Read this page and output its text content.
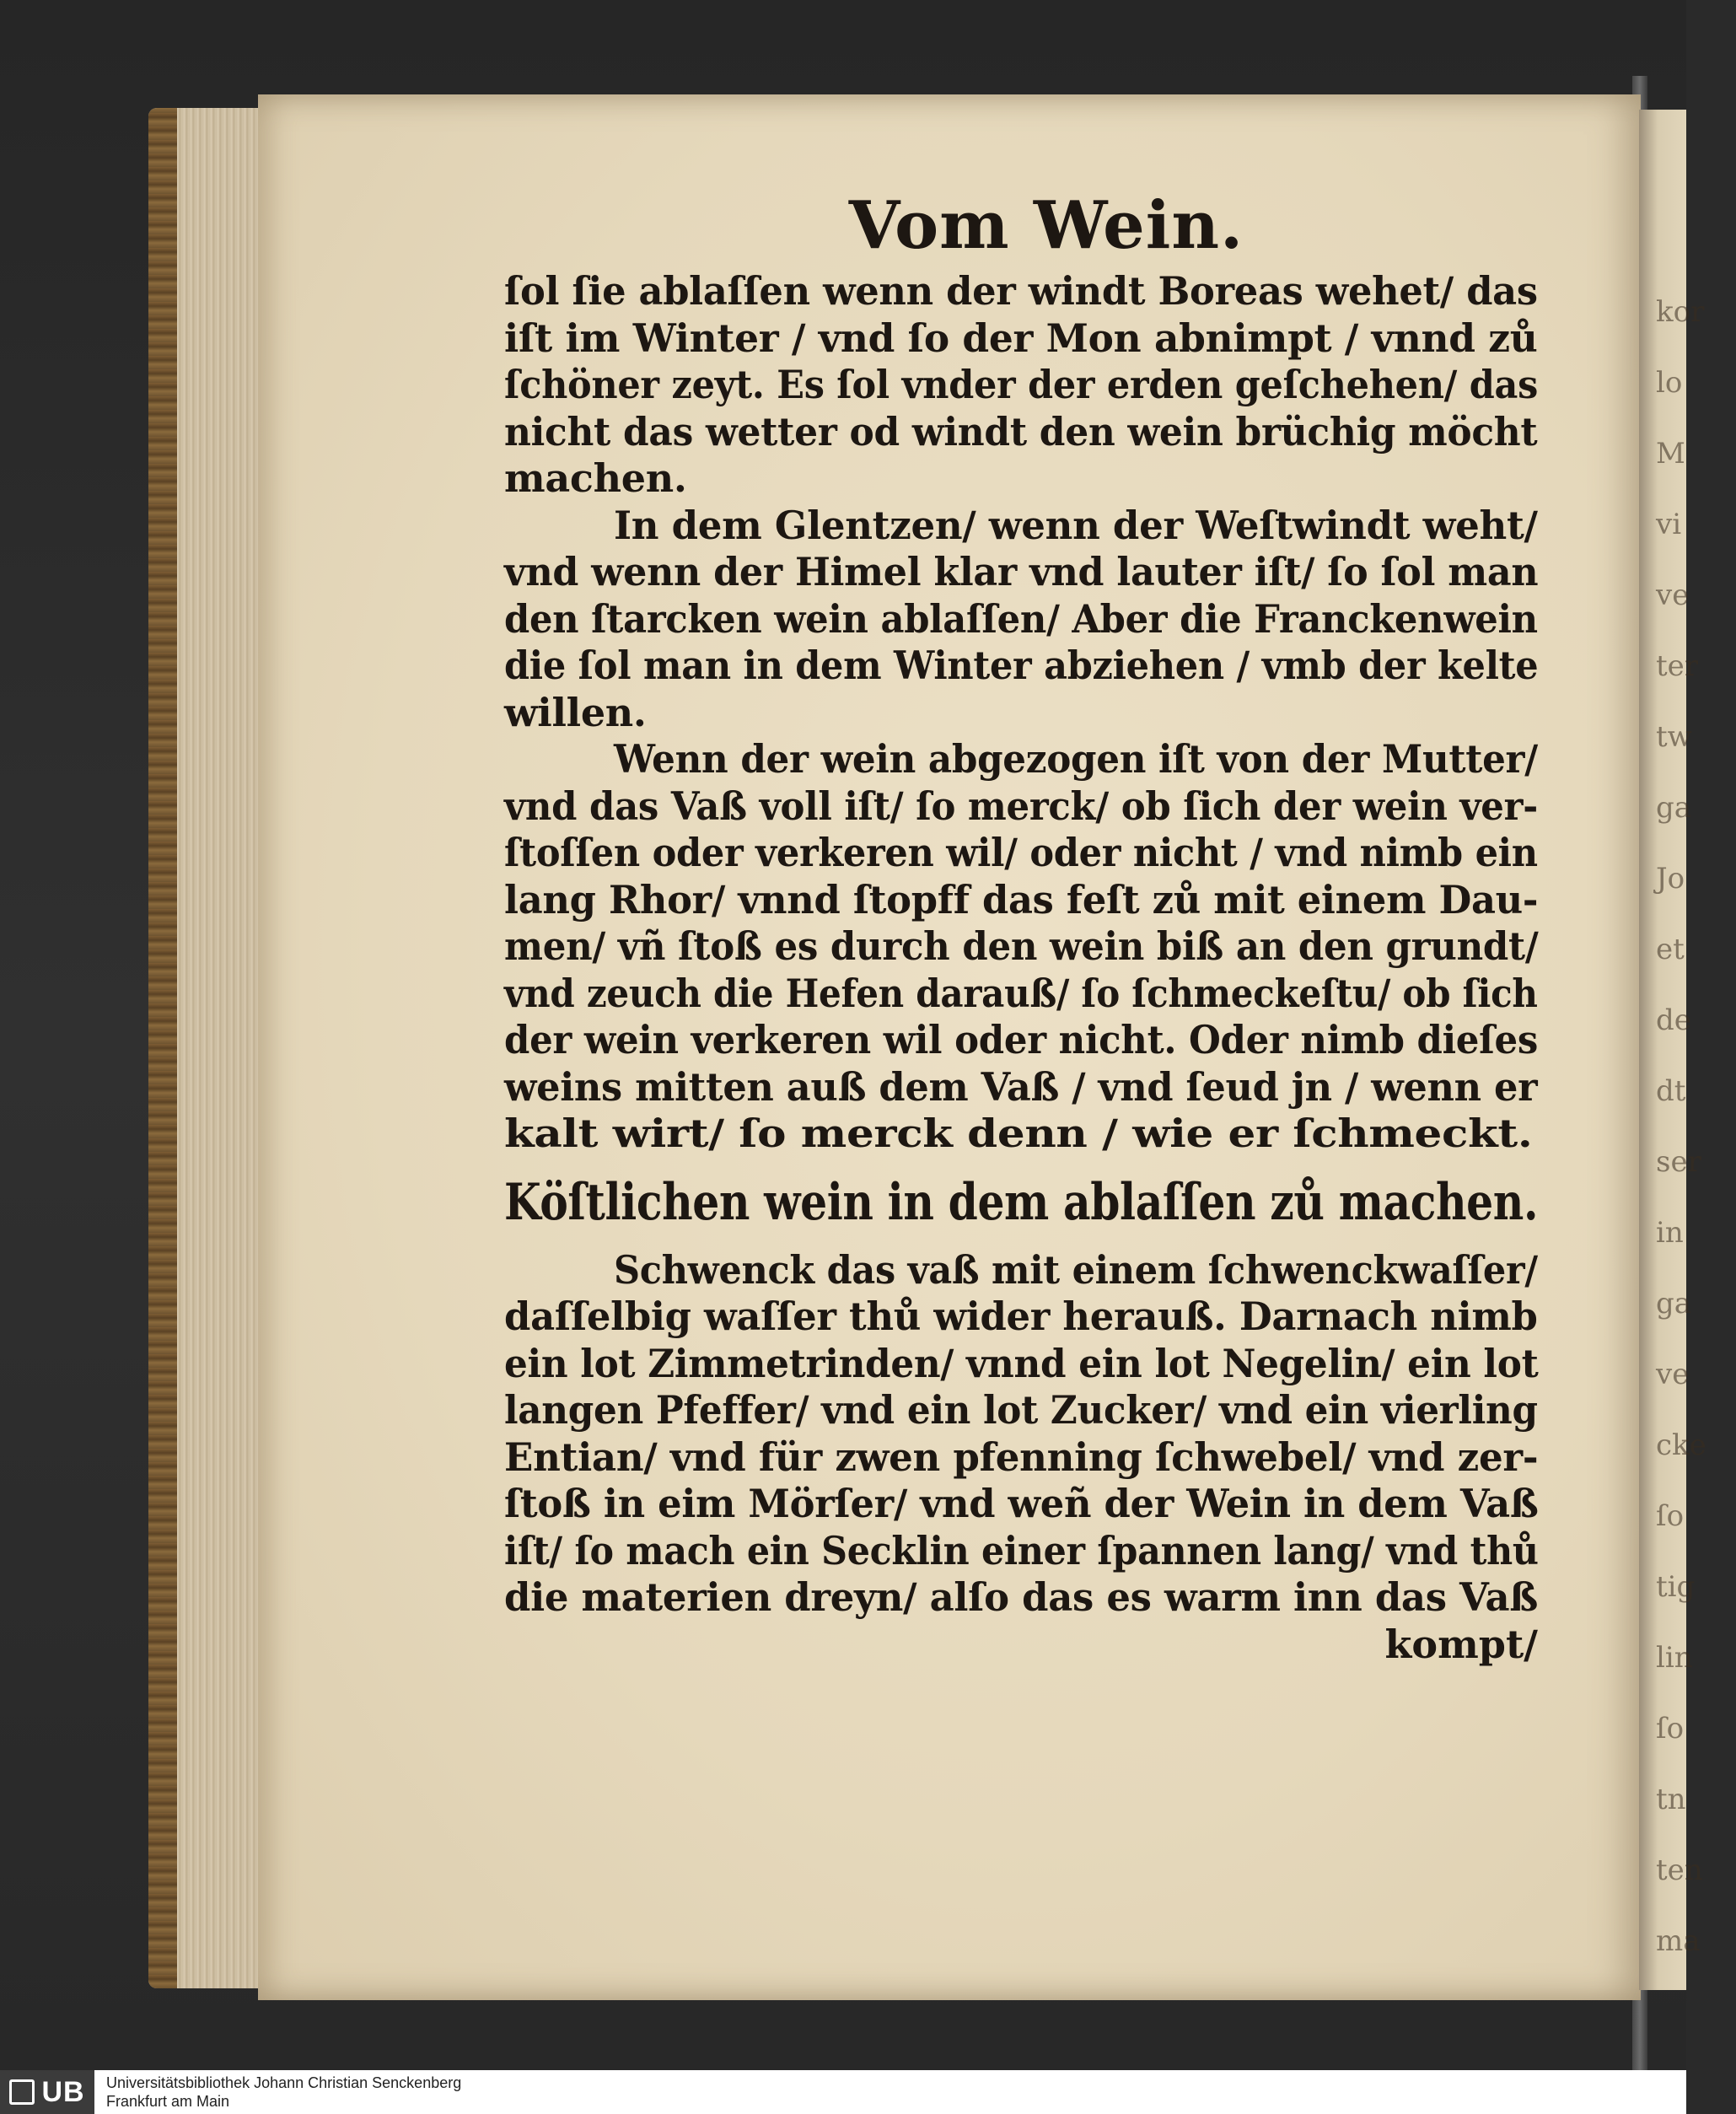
kor
lo
M
vi
ve
ter
tw
ga
Jo
et
de
dt
ser
in
ga
ve
cke
ſo
tig
lin
ſo
tn
ten
ma
Vom Wein.
ſol ſie ablaſſen wenn der windt Boreas wehet/ das
iſt im Winter / vnd ſo der Mon abnimpt / vnnd zů
ſchöner zeyt. Es ſol vnder der erden geſchehen/ das
nicht das wetter od windt den wein brüchig möcht
machen.
In dem Glentzen/ wenn der Weſtwindt weht/
vnd wenn der Himel klar vnd lauter iſt/ ſo ſol man
den ſtarcken wein ablaſſen/ Aber die Franckenwein
die ſol man in dem Winter abziehen / vmb der kelte
willen.
Wenn der wein abgezogen iſt von der Mutter/
vnd das Vaß voll iſt/ ſo merck/ ob ſich der wein ver-
ſtoſſen oder verkeren wil/ oder nicht / vnd nimb ein
lang Rhor/ vnnd ſtopff das feſt zů mit einem Dau-
men/ vñ ſtoß es durch den wein biß an den grundt/
vnd zeuch die Hefen darauß/ ſo ſchmeckeſtu/ ob ſich
der wein verkeren wil oder nicht. Oder nimb dieſes
weins mitten auß dem Vaß / vnd ſeud jn / wenn er
kalt wirt/ ſo merck denn / wie er ſchmeckt.
Köſtlichen wein in dem ablaſſen zů machen.
Schwenck das vaß mit einem ſchwenckwaſſer/
daſſelbig waſſer thů wider herauß. Darnach nimb
ein lot Zimmetrinden/ vnnd ein lot Negelin/ ein lot
langen Pfeffer/ vnd ein lot Zucker/ vnd ein vierling
Entian/ vnd für zwen pfenning ſchwebel/ vnd zer-
ſtoß in eim Mörſer/ vnd weñ der Wein in dem Vaß
iſt/ ſo mach ein Secklin einer ſpannen lang/ vnd thů
die materien dreyn/ alſo das es warm inn das Vaß
kompt/
UB Universitätsbibliothek Johann Christian Senckenberg
Frankfurt am Main
